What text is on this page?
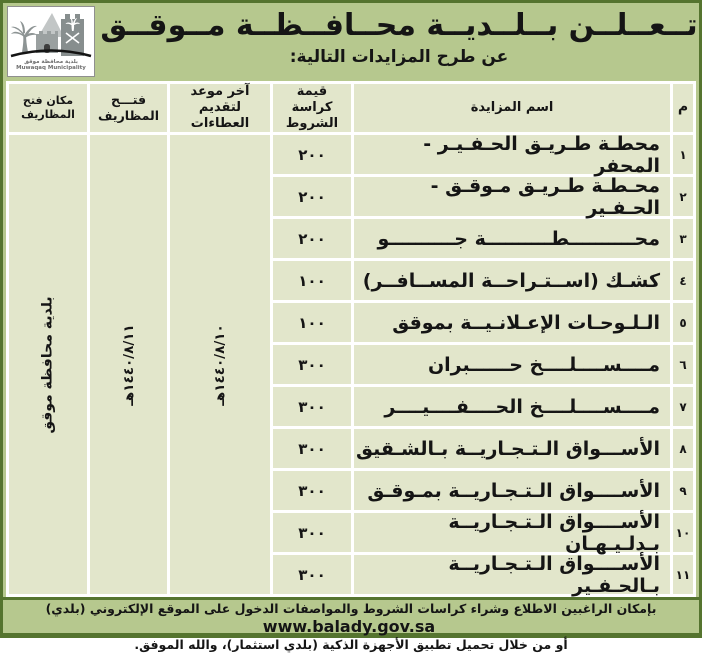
بلدية محافظة موقق
Muwaqaq Municipality
تــعــلــن بــلــديــة محــافــظــة مــوقــق
عن طرح المزايدات التالية:
م
١
٢
٣
٤
٥
٦
٧
٨
٩
١٠
١١
اسم المزايدة
محطـة طـريـق الحـفـيـر - المحفر
محـطـة طـريـق مـوقـق - الحـفـير
محــــــــــطــــــــــة جــــــــــو
كشـك (اســتـراحــة المســافــر)
الـلـوحـات الإعـلانـيــة بموقق
مــــســــلــــخ حــــــبران
مــــســــلــــخ الحــــفــــيــــر
الأســـواق الـتـجـاريــة بـالشـقيق
الأســــواق الـتـجـاريــة بمـوقـق
الأســــواق الـتـجـاريــة بـدلـيـهـان
الأســــواق الـتـجـاريــة بـالحـفـير
قيمة كراسة الشروط
٢٠٠
٢٠٠
٢٠٠
١٠٠
١٠٠
٣٠٠
٣٠٠
٣٠٠
٣٠٠
٣٠٠
٣٠٠
آخر موعد لتقديم العطاءات
١٤٤٠/٨/١٠هـ
فتـــح المظاريف
١٤٤٠/٨/١١هـ
مكان فتح المظاريف
بلدية محافظة موقق
بإمكان الراغبين الاطلاع وشراء كراسات الشروط والمواصفات الدخول على الموقع الإلكتروني (بلدي) www.balady.gov.sa
أو من خلال تحميل تطبيق الأجهزة الذكية (بلدي استثمار)، والله الموفق.
